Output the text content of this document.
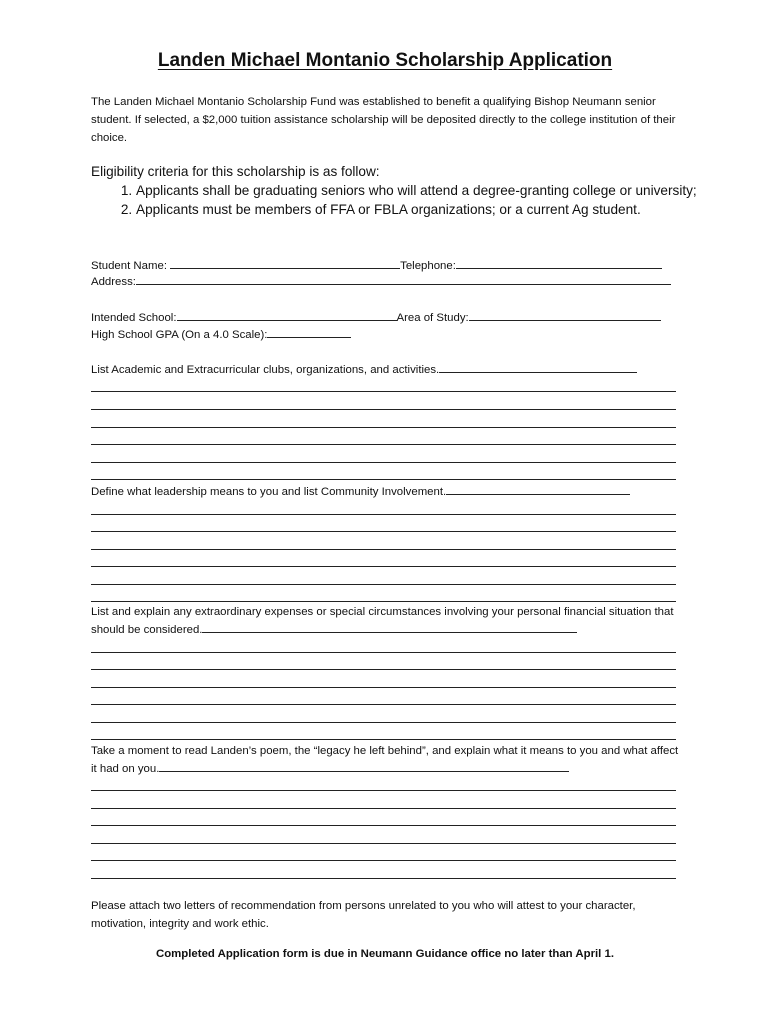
Landen Michael Montanio Scholarship Application
The Landen Michael Montanio Scholarship Fund was established to benefit a qualifying Bishop Neumann senior student. If selected, a $2,000 tuition assistance scholarship will be deposited directly to the college institution of their choice.
Eligibility criteria for this scholarship is as follow:
1. Applicants shall be graduating seniors who will attend a degree-granting college or university;
2. Applicants must be members of FFA or FBLA organizations; or a current Ag student.
Student Name:	Telephone:
Address:
Intended School:	Area of Study:
High School GPA (On a 4.0 Scale):
List Academic and Extracurricular clubs, organizations, and activities.
Define what leadership means to you and list Community Involvement.
List and explain any extraordinary expenses or special circumstances involving your personal financial situation that should be considered.
Take a moment to read Landen’s poem, the “legacy he left behind”, and explain what it means to you and what affect it had on you.
Please attach two letters of recommendation from persons unrelated to you who will attest to your character, motivation, integrity and work ethic.
Completed Application form is due in Neumann Guidance office no later than April 1.
